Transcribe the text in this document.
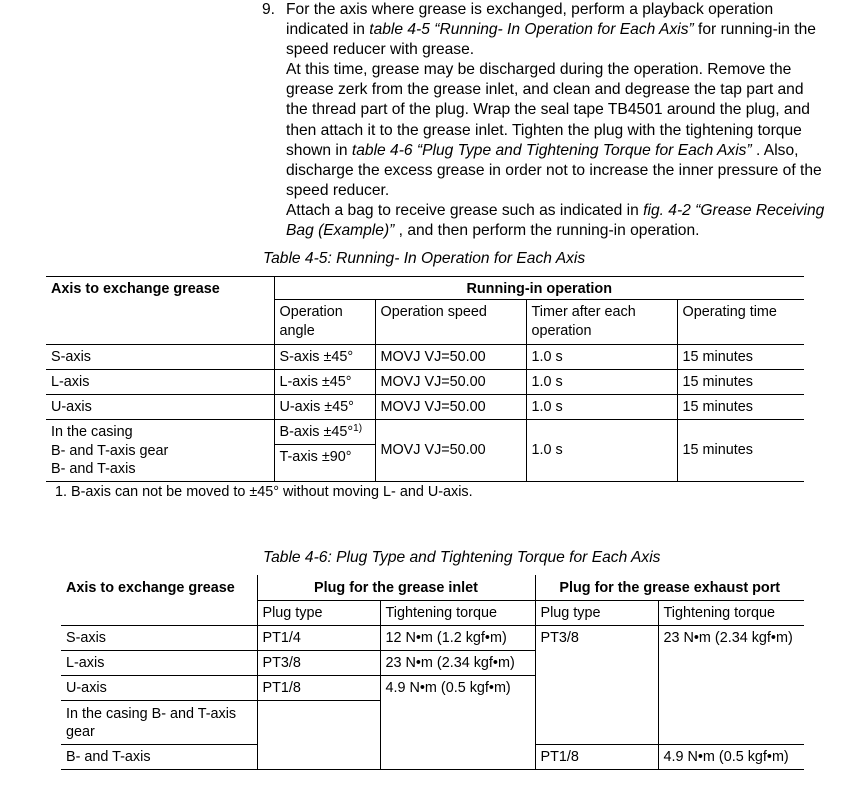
9. For the axis where grease is exchanged, perform a playback operation indicated in table 4-5 “Running- In Operation for Each Axis” for running-in the speed reducer with grease.

At this time, grease may be discharged during the operation. Remove the grease zerk from the grease inlet, and clean and degrease the tap part and the thread part of the plug. Wrap the seal tape TB4501 around the plug, and then attach it to the grease inlet. Tighten the plug with the tightening torque shown in table 4-6 “Plug Type and Tightening Torque for Each Axis” . Also, discharge the excess grease in order not to increase the inner pressure of the speed reducer.

Attach a bag to receive grease such as indicated in fig. 4-2 “Grease Receiving Bag (Example)” , and then perform the running-in operation.

Table 4-5: Running- In Operation for Each Axis
Axis to exchange grease	Running-in operation			
	Operation angle	Operation speed	Timer after each operation	Operating time
S-axis	S-axis ±45°	MOVJ VJ=50.00	1.0 s	15 minutes
L-axis	L-axis ±45°	MOVJ VJ=50.00	1.0 s	15 minutes
U-axis	U-axis ±45°	MOVJ VJ=50.00	1.0 s	15 minutes

In the casing
B- and T-axis gear
B- and T-axis	B-axis ±45°$^{1)}$	MOVJ VJ=50.00	1.0 s	15 minutes
	T-axis ±90°			
1. B-axis can not be moved to ±45° without moving L- and U-axis.
Table 4-6: Plug Type and Tightening Torque for Each Axis
Axis to exchange grease	Plug for the grease inlet		Plug for the grease exhaust port	
	Plug type	Tightening torque	Plug type	Tightening torque
S-axis	PT1/4	12 N•m (1.2 kgf•m)	PT3/8	23 N•m (2.34 kgf•m)
L-axis	PT3/8	23 N•m (2.34 kgf•m)		
U-axis	PT1/8	4.9 N•m (0.5 kgf•m)		
In the casing B- and T-axis gear				
B- and T-axis			PT1/8	4.9 N•m (0.5 kgf•m)
